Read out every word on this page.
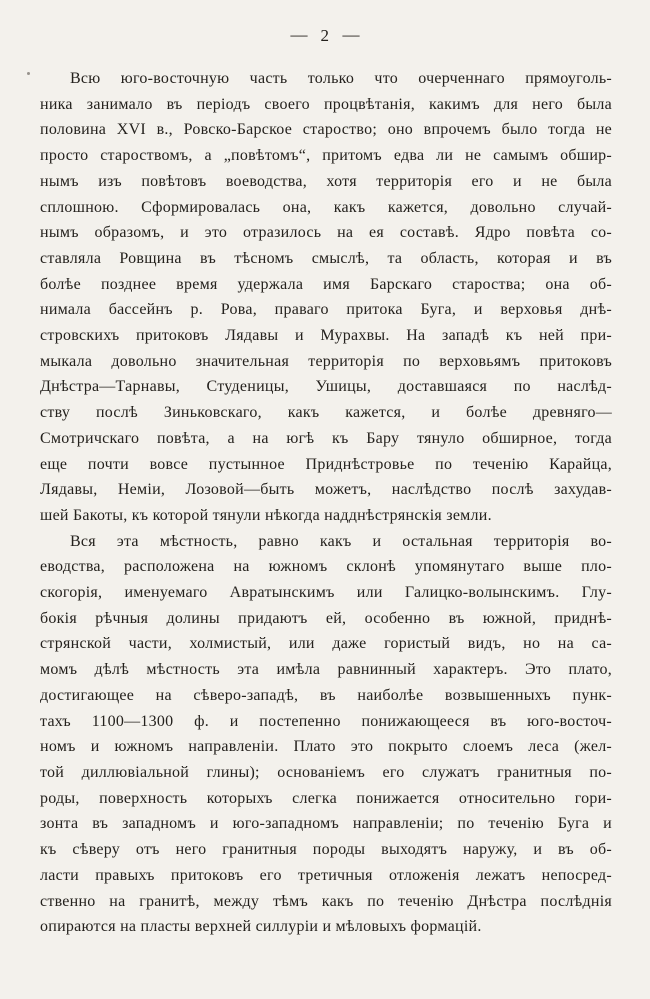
— 2 —
Всю юго-восточную часть только что очерченнаго прямоуголь-
ника занимало въ періодъ своего процвѣтанія, какимъ для него была
половина XVI в., Ровско-Барское староство; оно впрочемъ было тогда не
просто староствомъ, а „повѣтомъ“, притомъ едва ли не самымъ обшир-
нымъ изъ повѣтовъ воеводства, хотя территорія его и не была
сплошною. Сформировалась она, какъ кажется, довольно случай-
нымъ образомъ, и это отразилось на ея составѣ. Ядро повѣта со-
ставляла Ровщина въ тѣсномъ смыслѣ, та область, которая и въ
болѣе позднее время удержала имя Барскаго староства; она об-
нимала бассейнъ р. Рова, праваго притока Буга, и верховья днѣ-
стровскихъ притоковъ Лядавы и Мурахвы. На западѣ къ ней при-
мыкала довольно значительная территорія по верховьямъ притоковъ
Днѣстра—Тарнавы, Студеницы, Ушицы, доставшаяся по наслѣд-
ству послѣ Зиньковскаго, какъ кажется, и болѣе древняго—
Смотричскаго повѣта, а на югѣ къ Бару тянуло обширное, тогда
еще почти вовсе пустынное Приднѣстровье по теченію Карайца,
Лядавы, Неміи, Лозовой—быть можетъ, наслѣдство послѣ захудав-
шей Бакоты, къ которой тянули нѣкогда надднѣстрянскія земли.
Вся эта мѣстность, равно какъ и остальная территорія во-
еводства, расположена на южномъ склонѣ упомянутаго выше пло-
скогорія, именуемаго Авратынскимъ или Галицко-волынскимъ. Глу-
бокія рѣчныя долины придаютъ ей, особенно въ южной, приднѣ-
стрянской части, холмистый, или даже гористый видъ, но на са-
момъ дѣлѣ мѣстность эта имѣла равнинный характеръ. Это плато,
достигающее на сѣверо-западѣ, въ наиболѣе возвышенныхъ пунк-
тахъ 1100—1300 ф. и постепенно понижающееся въ юго-восточ-
номъ и южномъ направленіи. Плато это покрыто слоемъ леса (жел-
той диллювіальной глины); основаніемъ его служатъ гранитныя по-
роды, поверхность которыхъ слегка понижается относительно гори-
зонта въ западномъ и юго-западномъ направленіи; по теченію Буга и
къ сѣверу отъ него гранитныя породы выходятъ наружу, и въ об-
ласти правыхъ притоковъ его третичныя отложенія лежатъ непосред-
ственно на гранитѣ, между тѣмъ какъ по теченію Днѣстра послѣднія
опираются на пласты верхней силлуріи и мѣловыхъ формацій.
